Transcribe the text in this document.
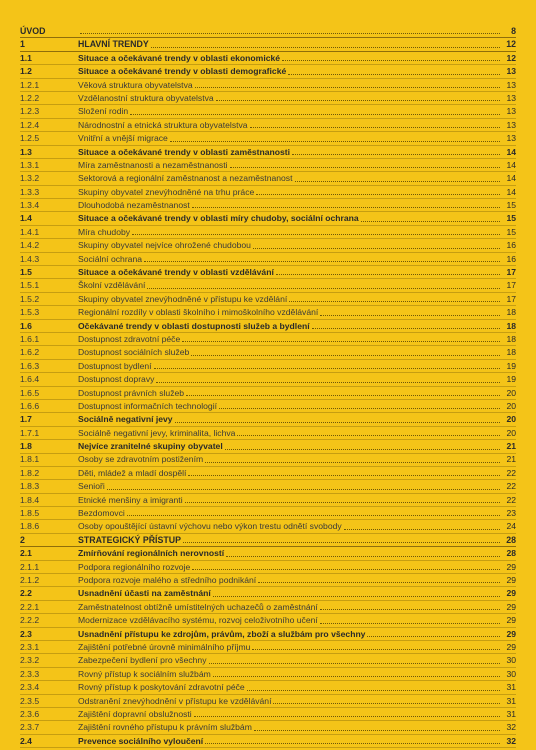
ÚVOD	8
1	HLAVNÍ TRENDY	12
1.1	Situace a očekávané trendy v oblasti ekonomické	12
1.2	Situace a očekávané trendy v oblasti demografické	13
1.2.1	Věková struktura obyvatelstva	13
1.2.2	Vzdělanostní struktura obyvatelstva	13
1.2.3	Složení rodin	13
1.2.4	Národnostní a etnická struktura obyvatelstva	13
1.2.5	Vnitřní a vnější migrace	13
1.3	Situace a očekávané trendy v oblasti zaměstnanosti	14
1.3.1	Míra zaměstnanosti a nezaměstnanosti	14
1.3.2	Sektorová a regionální zaměstnanost a nezaměstnanost	14
1.3.3	Skupiny obyvatel znevýhodněné na trhu práce	14
1.3.4	Dlouhodobá nezaměstnanost	15
1.4	Situace a očekávané trendy v oblasti míry chudoby, sociální ochrana	15
1.4.1	Míra chudoby	15
1.4.2	Skupiny obyvatel nejvíce ohrožené chudobou	16
1.4.3	Sociální ochrana	16
1.5	Situace a očekávané trendy v oblasti vzdělávání	17
1.5.1	Školní vzdělávání	17
1.5.2	Skupiny obyvatel znevýhodněné v přístupu ke vzdělání	17
1.5.3	Regionální rozdíly v oblasti školního i mimoškolního vzdělávání	18
1.6	Očekávané trendy v oblasti dostupnosti služeb a bydlení	18
1.6.1	Dostupnost zdravotní péče	18
1.6.2	Dostupnost sociálních služeb	18
1.6.3	Dostupnost bydlení	19
1.6.4	Dostupnost dopravy	19
1.6.5	Dostupnost právních služeb	20
1.6.6	Dostupnost informačních technologií	20
1.7	Sociálně negativní jevy	20
1.7.1	Sociálně negativní jevy, kriminalita, lichva	20
1.8	Nejvíce zranitelné skupiny obyvatel	21
1.8.1	Osoby se zdravotním postižením	21
1.8.2	Děti, mládež a mladí dospělí	22
1.8.3	Senioři	22
1.8.4	Etnické menšiny a imigranti	22
1.8.5	Bezdomovci	23
1.8.6	Osoby opouštějící ústavní výchovu nebo výkon trestu odnětí svobody	24
2	STRATEGICKÝ PŘÍSTUP	28
2.1	Zmírňování regionálních nerovností	28
2.1.1	Podpora regionálního rozvoje	29
2.1.2	Podpora rozvoje malého a středního podnikání	29
2.2	Usnadnění účasti na zaměstnání	29
2.2.1	Zaměstnatelnost obtížně umístitelných uchazečů o zaměstnání	29
2.2.2	Modernizace vzdělávacího systému, rozvoj celoživotního učení	29
2.3	Usnadnění přístupu ke zdrojům, právům, zboží a službám pro všechny	29
2.3.1	Zajištění potřebné úrovně minimálního příjmu	29
2.3.2	Zabezpečení bydlení pro všechny	30
2.3.3	Rovný přístup k sociálním službám	30
2.3.4	Rovný přístup k poskytování zdravotní péče	31
2.3.5	Odstranění znevýhodnění v přístupu ke vzdělávání	31
2.3.6	Zajištění dopravní obslužnosti	31
2.3.7	Zajištění rovného přístupu k právním službám	32
2.4	Prevence sociálního vyloučení	32
